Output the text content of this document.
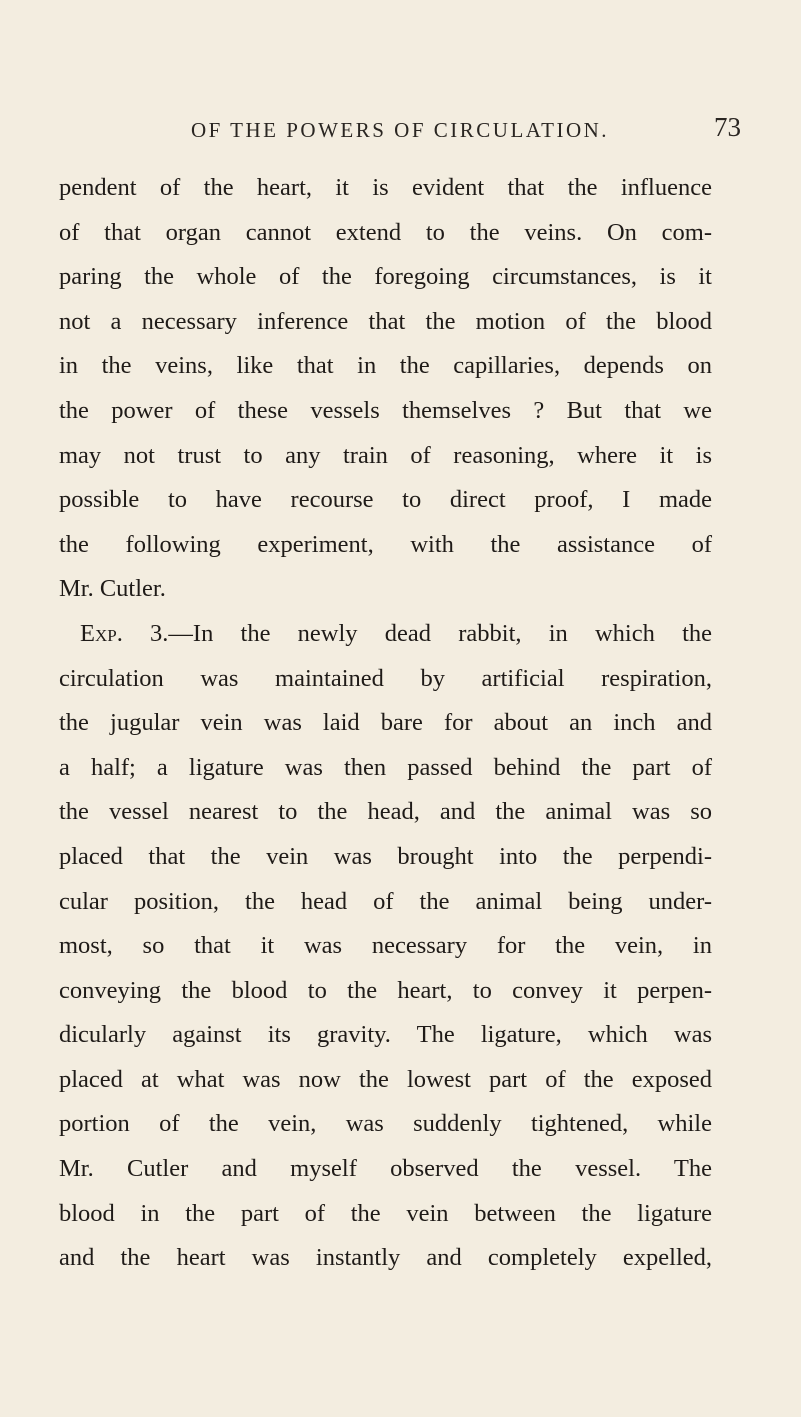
OF THE POWERS OF CIRCULATION.	73
pendent of the heart, it is evident that the influence
of that organ cannot extend to the veins. On com-
paring the whole of the foregoing circumstances, is it
not a necessary inference that the motion of the blood
in the veins, like that in the capillaries, depends on
the power of these vessels themselves ? But that we
may not trust to any train of reasoning, where it is
possible to have recourse to direct proof, I made
the following experiment, with the assistance of
Mr. Cutler.
Exp. 3.—In the newly dead rabbit, in which the
circulation was maintained by artificial respiration,
the jugular vein was laid bare for about an inch and
a half; a ligature was then passed behind the part of
the vessel nearest to the head, and the animal was so
placed that the vein was brought into the perpendi-
cular position, the head of the animal being under-
most, so that it was necessary for the vein, in
conveying the blood to the heart, to convey it perpen-
dicularly against its gravity. The ligature, which was
placed at what was now the lowest part of the exposed
portion of the vein, was suddenly tightened, while
Mr. Cutler and myself observed the vessel. The
blood in the part of the vein between the ligature
and the heart was instantly and completely expelled,
